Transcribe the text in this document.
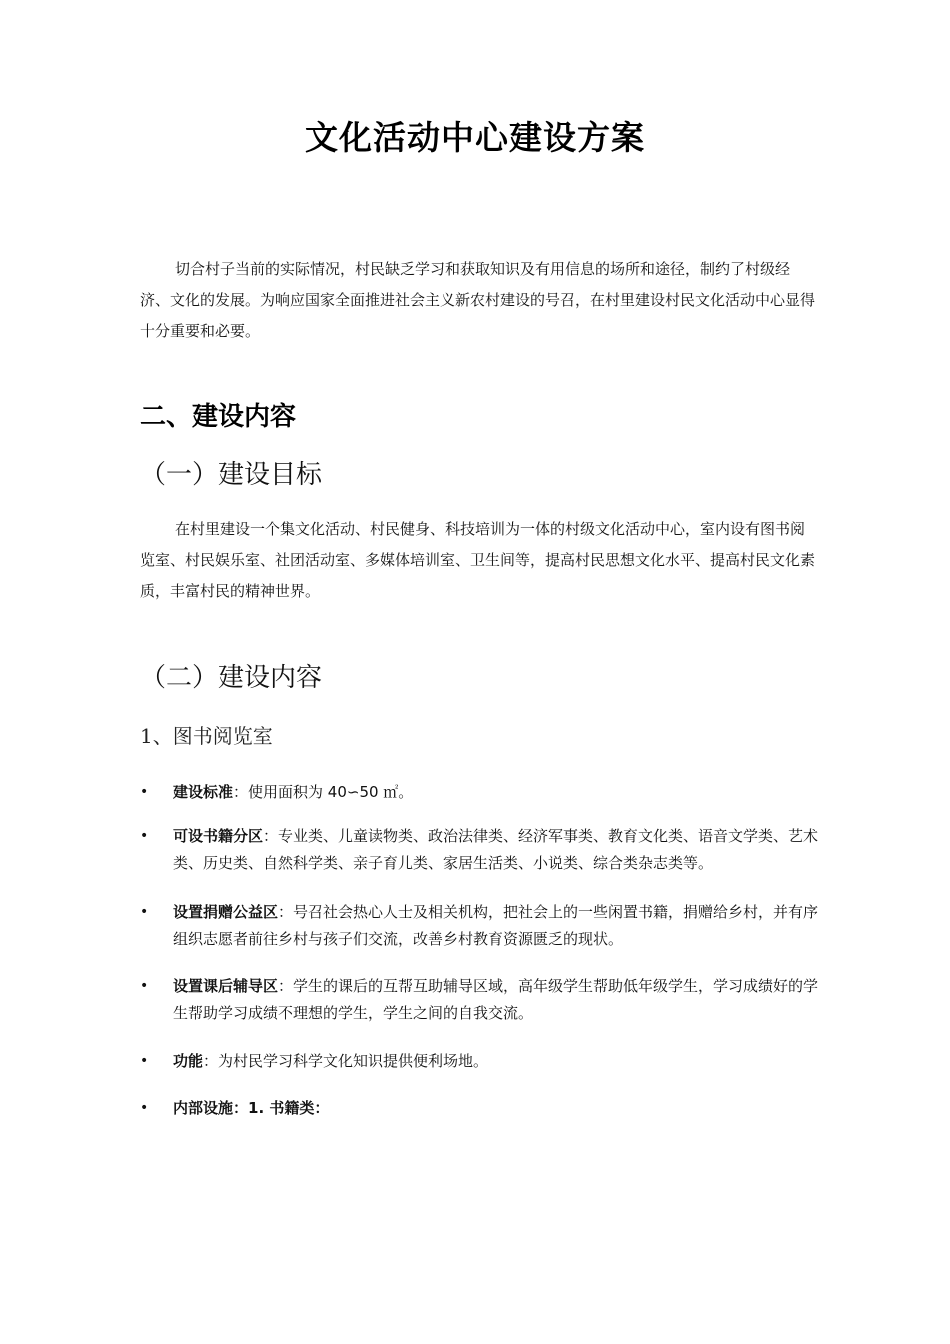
文化活动中心建设方案
切合村子当前的实际情况，村民缺乏学习和获取知识及有用信息的场所和途径，制约了村级经济、文化的发展。为响应国家全面推进社会主义新农村建设的号召，在村里建设村民文化活动中心显得十分重要和必要。
二、建设内容
（一）建设目标
在村里建设一个集文化活动、村民健身、科技培训为一体的村级文化活动中心，室内设有图书阅览室、村民娱乐室、社团活动室、多媒体培训室、卫生间等，提高村民思想文化水平、提高村民文化素质，丰富村民的精神世界。
（二）建设内容
1、图书阅览室
•	建设标准：使用面积为 40∽50 ㎡。
•	可设书籍分区：专业类、儿童读物类、政治法律类、经济军事类、教育文化类、语音文学类、艺术类、历史类、自然科学类、亲子育儿类、家居生活类、小说类、综合类杂志类等。
•	设置捐赠公益区：号召社会热心人士及相关机构，把社会上的一些闲置书籍，捐赠给乡村，并有序组织志愿者前往乡村与孩子们交流，改善乡村教育资源匮乏的现状。
•	设置课后辅导区：学生的课后的互帮互助辅导区域，高年级学生帮助低年级学生，学习成绩好的学生帮助学习成绩不理想的学生，学生之间的自我交流。
•	功能：为村民学习科学文化知识提供便利场地。
•	内部设施：1. 书籍类：
